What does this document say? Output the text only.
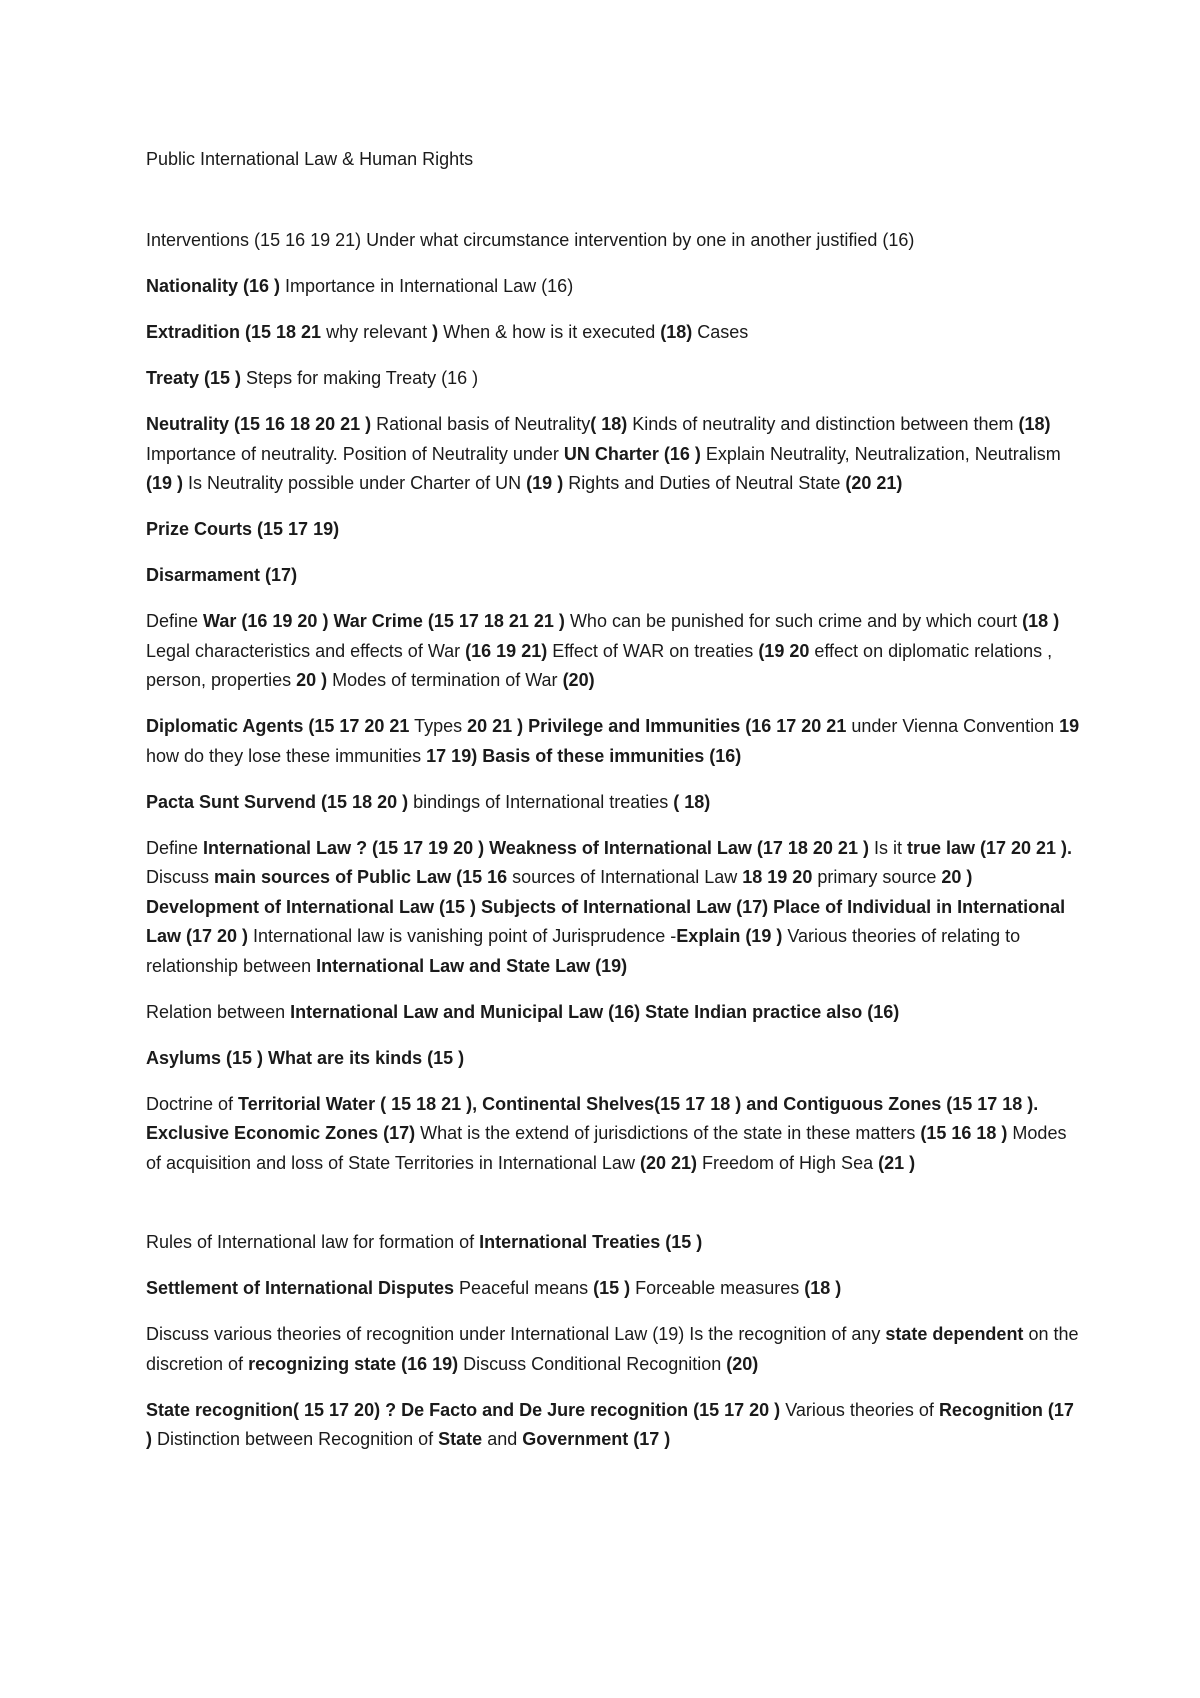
Public International Law & Human Rights
Interventions (15 16 19 21) Under what circumstance intervention by one in another justified (16)
Nationality (16 ) Importance in International Law (16)
Extradition (15 18 21 why relevant ) When & how is it executed (18) Cases
Treaty (15 ) Steps for making Treaty (16 )
Neutrality (15 16 18 20 21 ) Rational basis of Neutrality( 18) Kinds of neutrality and distinction between them (18) Importance of neutrality. Position of Neutrality under UN Charter (16 ) Explain Neutrality, Neutralization, Neutralism (19 ) Is Neutrality possible under Charter of UN (19 ) Rights and Duties of Neutral State (20 21)
Prize Courts (15 17 19)
Disarmament (17)
Define War (16 19 20 ) War Crime (15 17 18 21 21 ) Who can be punished for such crime and by which court (18 ) Legal characteristics and effects of War (16 19 21) Effect of WAR on treaties (19 20 effect on diplomatic relations , person, properties 20 ) Modes of termination of War (20)
Diplomatic Agents (15 17 20 21 Types 20 21 ) Privilege and Immunities (16 17 20 21 under Vienna Convention 19 how do they lose these immunities 17 19) Basis of these immunities (16)
Pacta Sunt Survend (15 18 20 ) bindings of International treaties ( 18)
Define International Law ? (15 17 19 20 ) Weakness of International Law (17 18 20 21 ) Is it true law (17 20 21 ). Discuss main sources of Public Law (15 16 sources of International Law 18 19 20 primary source 20 ) Development of International Law (15 ) Subjects of International Law (17) Place of Individual in International Law (17 20 ) International law is vanishing point of Jurisprudence -Explain (19 ) Various theories of relating to relationship between International Law and State Law (19)
Relation between International Law and Municipal Law (16) State Indian practice also (16)
Asylums (15 ) What are its kinds (15 )
Doctrine of Territorial Water ( 15 18 21 ), Continental Shelves(15 17 18 ) and Contiguous Zones (15 17 18 ). Exclusive Economic Zones (17) What is the extend of jurisdictions of the state in these matters (15 16 18 ) Modes of acquisition and loss of State Territories in International Law (20 21) Freedom of High Sea (21 )
Rules of International law for formation of International Treaties (15 )
Settlement of International Disputes Peaceful means (15 ) Forceable measures (18 )
Discuss various theories of recognition under International Law (19) Is the recognition of any state dependent on the discretion of recognizing state (16 19) Discuss Conditional Recognition (20)
State recognition( 15 17 20) ? De Facto and De Jure recognition (15 17 20 ) Various theories of Recognition (17 ) Distinction between Recognition of State and Government (17 )
